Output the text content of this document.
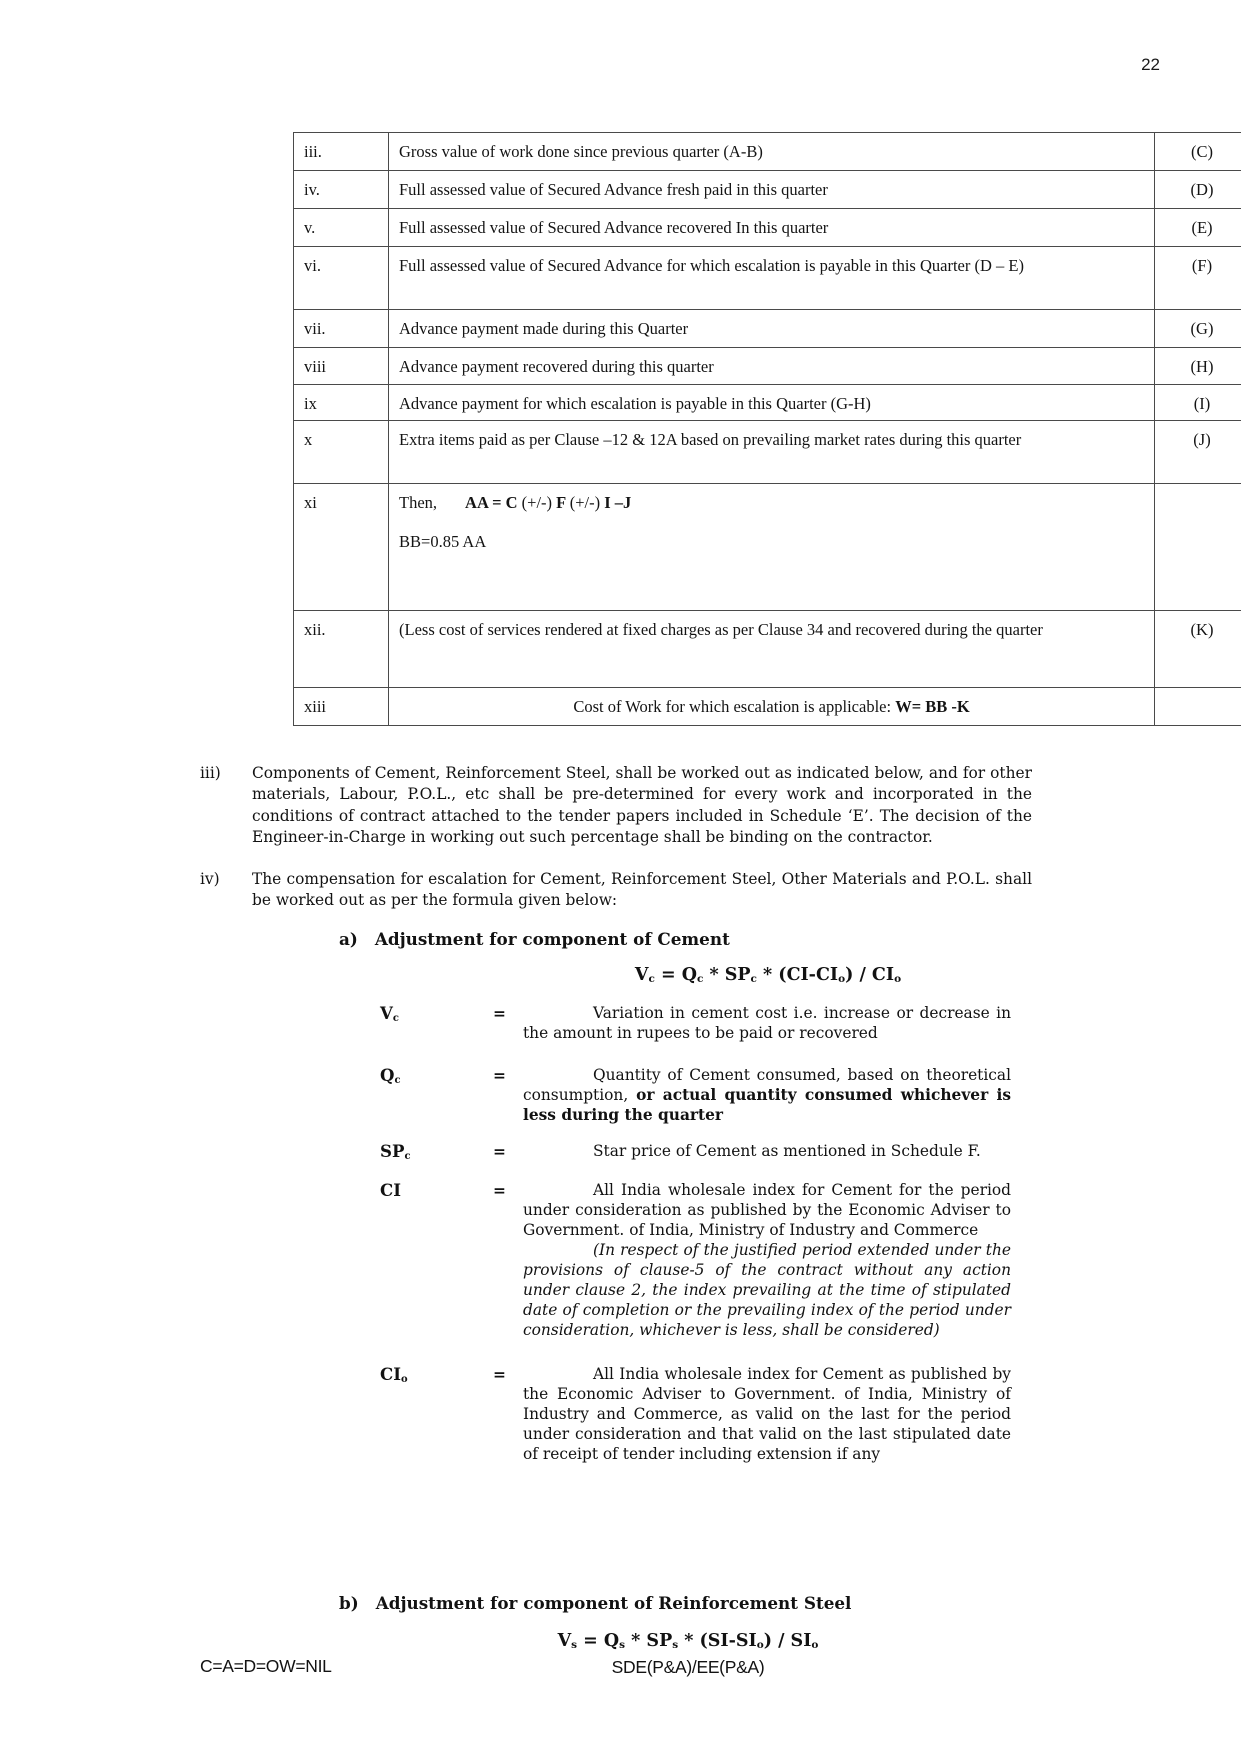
22
iii.	Gross value of work done since previous quarter (A-B)	(C)
iv.	Full assessed value of Secured Advance fresh paid in this quarter	(D)
v.	Full assessed value of Secured Advance recovered In this quarter	(E)
vi.	Full assessed value of Secured Advance for which escalation is payable in this Quarter (D – E)	(F)
vii.	Advance payment made during this Quarter	(G)
viii	Advance payment recovered during this quarter	(H)
ix	Advance payment for which escalation is payable in this Quarter (G-H)	(I)
x	Extra items paid as per Clause –12 & 12A based on prevailing market rates during this quarter	(J)
xi	Then, AA = C (+/-) F (+/-) I –J

BB=0.85 AA	

xii.	(Less cost of services rendered at fixed charges as per Clause 34 and recovered during the quarter	(K)
xiii	Cost of Work for which escalation is applicable: W= BB -K	
iii) Components of Cement, Reinforcement Steel, shall be worked out as indicated below, and for other materials, Labour, P.O.L., etc shall be pre-determined for every work and incorporated in the conditions of contract attached to the tender papers included in Schedule ‘E’. The decision of the Engineer-in-Charge in working out such percentage shall be binding on the contractor.

iv) The compensation for escalation for Cement, Reinforcement Steel, Other Materials and P.O.L. shall be worked out as per the formula given below:

a) Adjustment for component of Cement
$V_c = Q_c * SP_c * (CI-CI_o) / CI_o$
$V_c$	=	Variation in cement cost i.e. increase or decrease in the amount in rupees to be paid or recovered

$Q_c$	=	Quantity of Cement consumed, based on theoretical consumption, or actual quantity consumed whichever is less during the quarter

$SP_c$	=	Star price of Cement as mentioned in Schedule F.

CI	=	All India wholesale index for Cement for the period under consideration as published by the Economic Adviser to Government. of India, Ministry of Industry and Commerce

(In respect of the justified period extended under the provisions of clause-5 of the contract without any action under clause 2, the index prevailing at the time of stipulated date of completion or the prevailing index of the period under consideration, whichever is less, shall be considered)

$CI_o$	=	All India wholesale index for Cement as published by the Economic Adviser to Government. of India, Ministry of Industry and Commerce, as valid on the last for the period under consideration and that valid on the last stipulated date of receipt of tender including extension if any

b) Adjustment for component of Reinforcement Steel
$V_s = Q_s * SP_s * (SI-SI_o) / SI_o$
C=A=D=OW=NIL	SDE(P&A)/EE(P&A)
